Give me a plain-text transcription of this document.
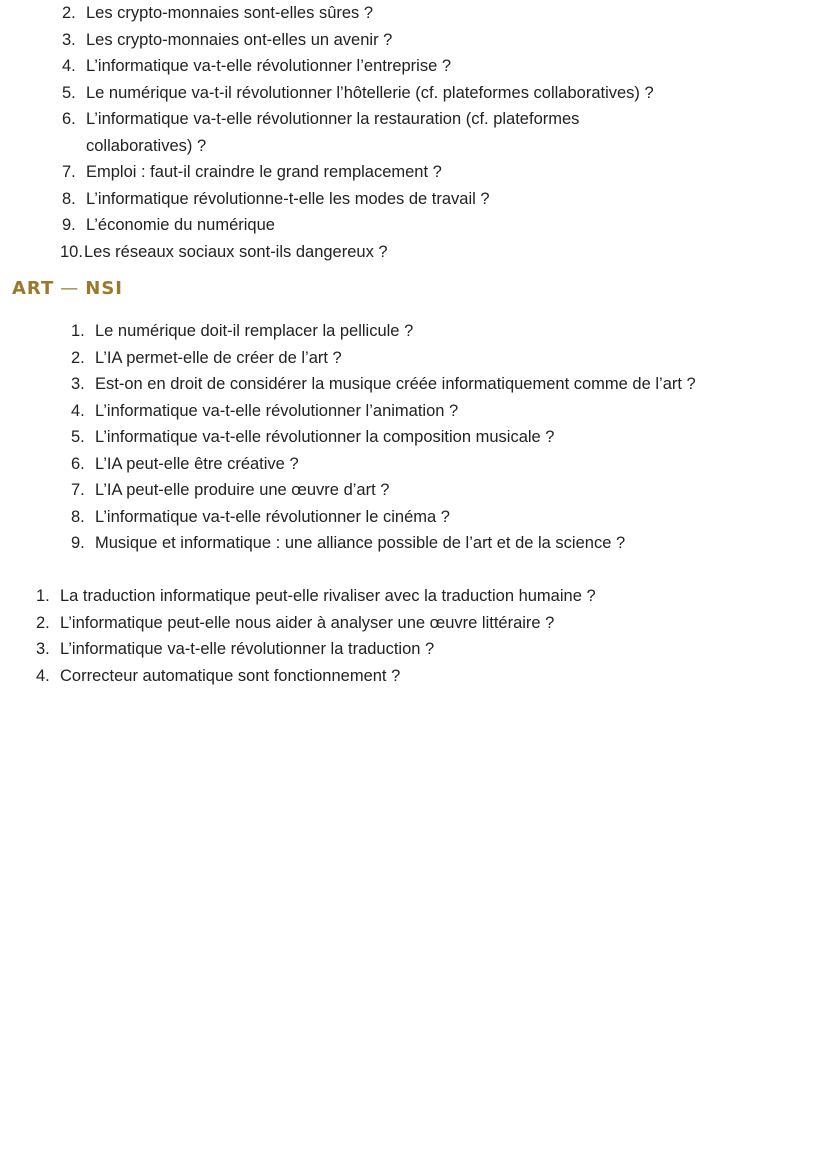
2. Les crypto-monnaies sont-elles sûres ?
3. Les crypto-monnaies ont-elles un avenir ?
4. L’informatique va-t-elle révolutionner l’entreprise ?
5. Le numérique va-t-il révolutionner l’hôtellerie (cf. plateformes collaboratives) ?
6. L’informatique va-t-elle révolutionner la restauration (cf. plateformes collaboratives) ?
7. Emploi : faut-il craindre le grand remplacement ?
8. L’informatique révolutionne-t-elle les modes de travail ?
9. L’économie du numérique
10. Les réseaux sociaux sont-ils dangereux ?
ART — NSI
1. Le numérique doit-il remplacer la pellicule ?
2. L’IA permet-elle de créer de l’art ?
3. Est-on en droit de considérer la musique créée informatiquement comme de l’art ?
4. L’informatique va-t-elle révolutionner l’animation ?
5. L’informatique va-t-elle révolutionner la composition musicale ?
6. L’IA peut-elle être créative ?
7. L’IA peut-elle produire une œuvre d’art ?
8. L’informatique va-t-elle révolutionner le cinéma ?
9. Musique et informatique : une alliance possible de l’art et de la science ?
1. La traduction informatique peut-elle rivaliser avec la traduction humaine ?
2. L’informatique peut-elle nous aider à analyser une œuvre littéraire ?
3. L’informatique va-t-elle révolutionner la traduction ?
4. Correcteur automatique sont fonctionnement ?
